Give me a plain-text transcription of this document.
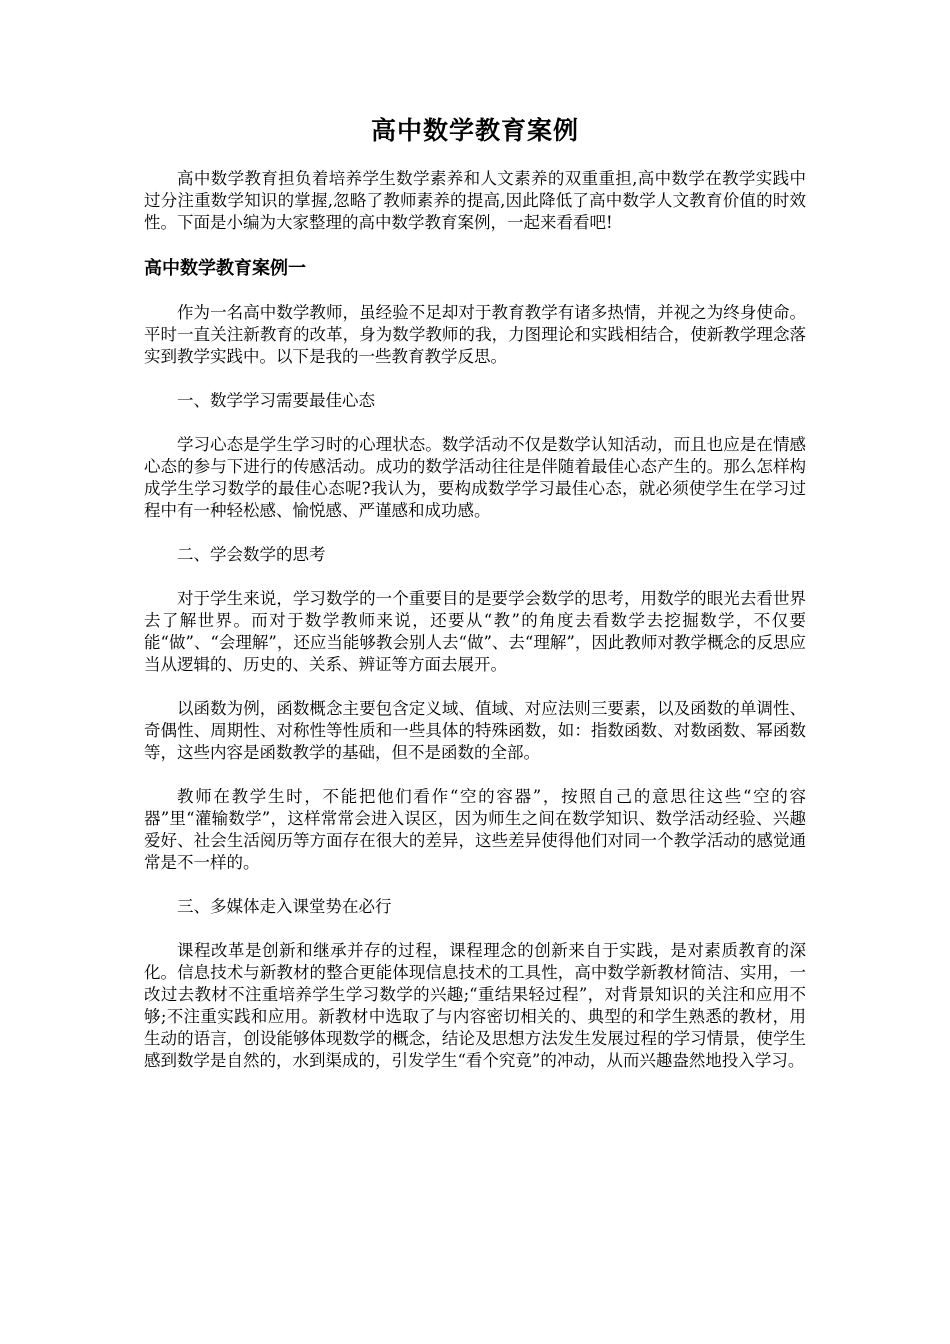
高中数学教育案例

高中数学教育担负着培养学生数学素养和人文素养的双重重担,高中数学在教学实践中过分注重数学知识的掌握,忽略了教师素养的提高,因此降低了高中数学人文教育价值的时效性。下面是小编为大家整理的高中数学教育案例，一起来看看吧!

高中数学教育案例一

作为一名高中数学教师，虽经验不足却对于教育教学有诸多热情，并视之为终身使命。平时一直关注新教育的改革，身为数学教师的我，力图理论和实践相结合，使新教学理念落实到教学实践中。以下是我的一些教育教学反思。

一、数学学习需要最佳心态

学习心态是学生学习时的心理状态。数学活动不仅是数学认知活动，而且也应是在情感心态的参与下进行的传感活动。成功的数学活动往往是伴随着最佳心态产生的。那么怎样构成学生学习数学的最佳心态呢?我认为，要构成数学学习最佳心态，就必须使学生在学习过程中有一种轻松感、愉悦感、严谨感和成功感。

二、学会数学的思考

对于学生来说，学习数学的一个重要目的是要学会数学的思考，用数学的眼光去看世界去了解世界。而对于数学教师来说，还要从“教”的角度去看数学去挖掘数学，不仅要能“做”、“会理解”，还应当能够教会别人去“做”、去“理解”，因此教师对教学概念的反思应当从逻辑的、历史的、关系、辨证等方面去展开。

以函数为例，函数概念主要包含定义域、值域、对应法则三要素，以及函数的单调性、奇偶性、周期性、对称性等性质和一些具体的特殊函数，如：指数函数、对数函数、幂函数等，这些内容是函数教学的基础，但不是函数的全部。

教师在教学生时，不能把他们看作“空的容器”，按照自己的意思往这些“空的容器”里“灌输数学”，这样常常会进入误区，因为师生之间在数学知识、数学活动经验、兴趣爱好、社会生活阅历等方面存在很大的差异，这些差异使得他们对同一个教学活动的感觉通常是不一样的。

三、多媒体走入课堂势在必行

课程改革是创新和继承并存的过程，课程理念的创新来自于实践，是对素质教育的深化。信息技术与新教材的整合更能体现信息技术的工具性，高中数学新教材简洁、实用，一改过去教材不注重培养学生学习数学的兴趣;“重结果轻过程”，对背景知识的关注和应用不够;不注重实践和应用。新教材中选取了与内容密切相关的、典型的和学生熟悉的教材，用生动的语言，创设能够体现数学的概念，结论及思想方法发生发展过程的学习情景，使学生感到数学是自然的，水到渠成的，引发学生“看个究竟”的冲动，从而兴趣盎然地投入学习。
